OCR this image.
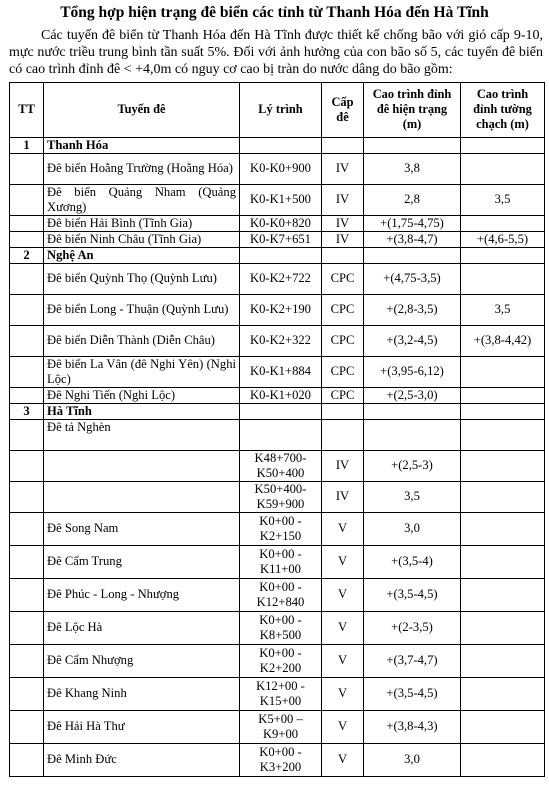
Tổng hợp hiện trạng đê biển các tỉnh từ Thanh Hóa đến Hà Tĩnh

Các tuyến đê biển từ Thanh Hóa đến Hà Tĩnh được thiết kế chống bão với gió cấp 9-10, mực nước triều trung bình tần suất 5%. Đối với ảnh hưởng của con bão số 5, các tuyến đê biển có cao trình đỉnh đê < +4,0m có nguy cơ cao bị tràn do nước dâng do bão gồm:

TT	Tuyến đê	Lý trình	Cấp đê	Cao trình đỉnh đê hiện trạng (m)	Cao trình đỉnh tường chạch (m)
1	Thanh Hóa				
	Đê biển Hoằng Trường (Hoằng Hóa)	K0-K0+900	IV	3,8	
	Đê biển Quảng Nham (Quảng Xương)	K0-K1+500	IV	2,8	3,5
	Đê biển Hải Bình (Tĩnh Gia)	K0-K0+820	IV	+(1,75-4,75)	
	Đê biển Ninh Châu (Tĩnh Gia)	K0-K7+651	IV	+(3,8-4,7)	+(4,6-5,5)
2	Nghệ An				
	Đê biển Quỳnh Thọ (Quỳnh Lưu)	K0-K2+722	CPC	+(4,75-3,5)	
	Đê biển Long - Thuận (Quỳnh Lưu)	K0-K2+190	CPC	+(2,8-3,5)	3,5
	Đê biển Diễn Thành (Diễn Châu)	K0-K2+322	CPC	+(3,2-4,5)	+(3,8-4,42)
	Đê biển La Vân (đê Nghi Yên) (Nghi Lộc)	K0-K1+884	CPC	+(3,95-6,12)	
	Đê Nghi Tiến (Nghi Lộc)	K0-K1+020	CPC	+(2,5-3,0)	
3	Hà Tĩnh				
	Đê tả Nghèn				
		K48+700-K50+400	IV	+(2,5-3)	
		K50+400-K59+900	IV	3,5	
	Đê Song Nam	K0+00 - K2+150	V	3,0	
	Đê Cẩm Trung	K0+00 - K11+00	V	+(3,5-4)	
	Đê Phúc - Long - Nhượng	K0+00 - K12+840	V	+(3,5-4,5)	
	Đê Lộc Hà	K0+00 - K8+500	V	+(2-3,5)	
	Đê Cẩm Nhượng	K0+00 - K2+200	V	+(3,7-4,7)	
	Đê Khang Ninh	K12+00 - K15+00	V	+(3,5-4,5)	
	Đê Hải Hà Thư	K5+00 – K9+00	V	+(3,8-4,3)	
	Đê Minh Đức	K0+00 - K3+200	V	3,0	
